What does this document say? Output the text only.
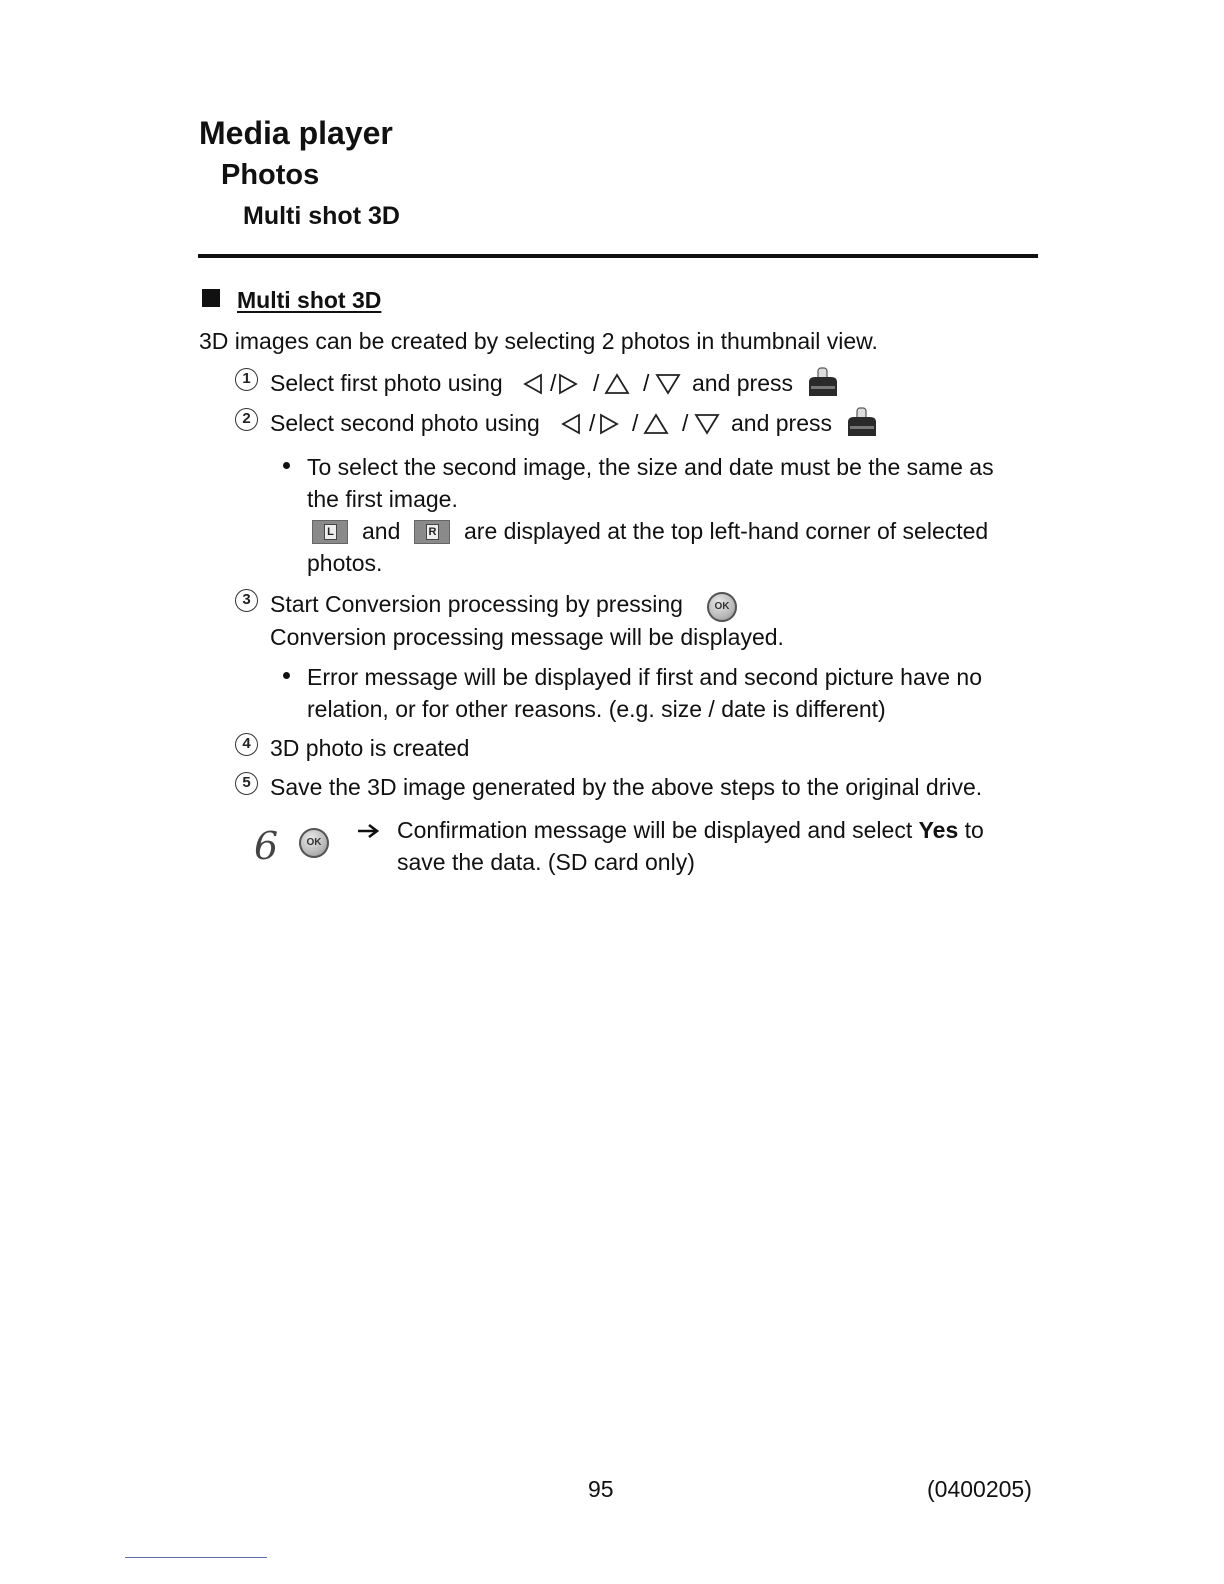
Media player
Photos
Multi shot 3D
Multi shot 3D
3D images can be created by selecting 2 photos in thumbnail view.
1 Select first photo using / / / and press
2 Select second photo using / / / and press
To select the second image, the size and date must be the same as
the first image.
L and	R are displayed at the top left-hand corner of selected
photos.
3 Start Conversion processing by pressing	OK
Conversion processing message will be displayed.
Error message will be displayed if first and second picture have no
relation, or for other reasons. (e.g. size / date is different)
4 3D photo is created
5 Save the 3D image generated by the above steps to the original drive.
6	OK	Confirmation message will be displayed and select Yes to
save the data. (SD card only)
95	(0400205)
